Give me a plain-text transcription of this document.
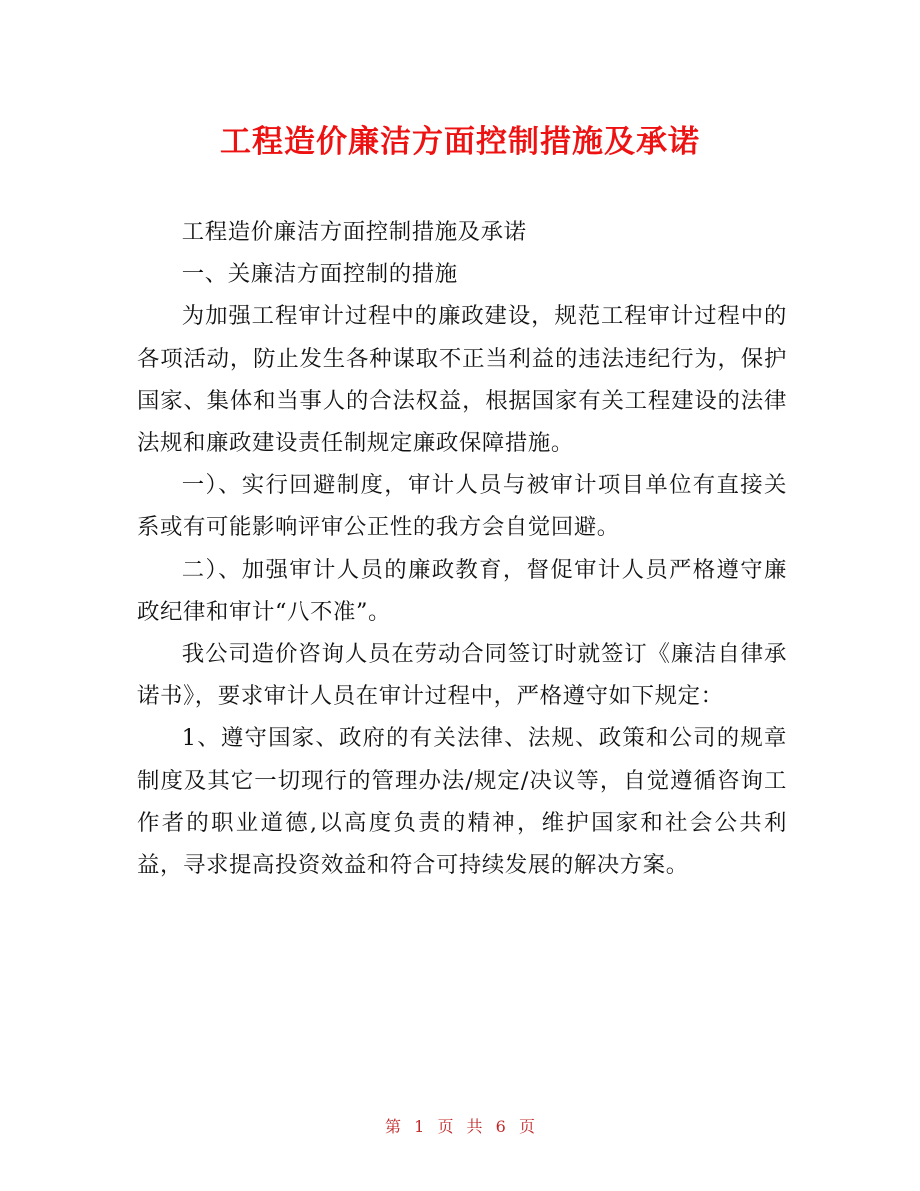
工程造价廉洁方面控制措施及承诺

工程造价廉洁方面控制措施及承诺

一、关廉洁方面控制的措施

为加强工程审计过程中的廉政建设，规范工程审计过程中的各项活动，防止发生各种谋取不正当利益的违法违纪行为，保护国家、集体和当事人的合法权益，根据国家有关工程建设的法律法规和廉政建设责任制规定廉政保障措施。

一）、实行回避制度，审计人员与被审计项目单位有直接关系或有可能影响评审公正性的我方会自觉回避。

二）、加强审计人员的廉政教育，督促审计人员严格遵守廉政纪律和审计“八不准”。

我公司造价咨询人员在劳动合同签订时就签订《廉洁自律承诺书》，要求审计人员在审计过程中，严格遵守如下规定：

1、遵守国家、政府的有关法律、法规、政策和公司的规章制度及其它一切现行的管理办法/规定/决议等，自觉遵循咨询工作者的职业道德,以高度负责的精神，维护国家和社会公共利益，寻求提高投资效益和符合可持续发展的解决方案。

第 1 页 共 6 页
